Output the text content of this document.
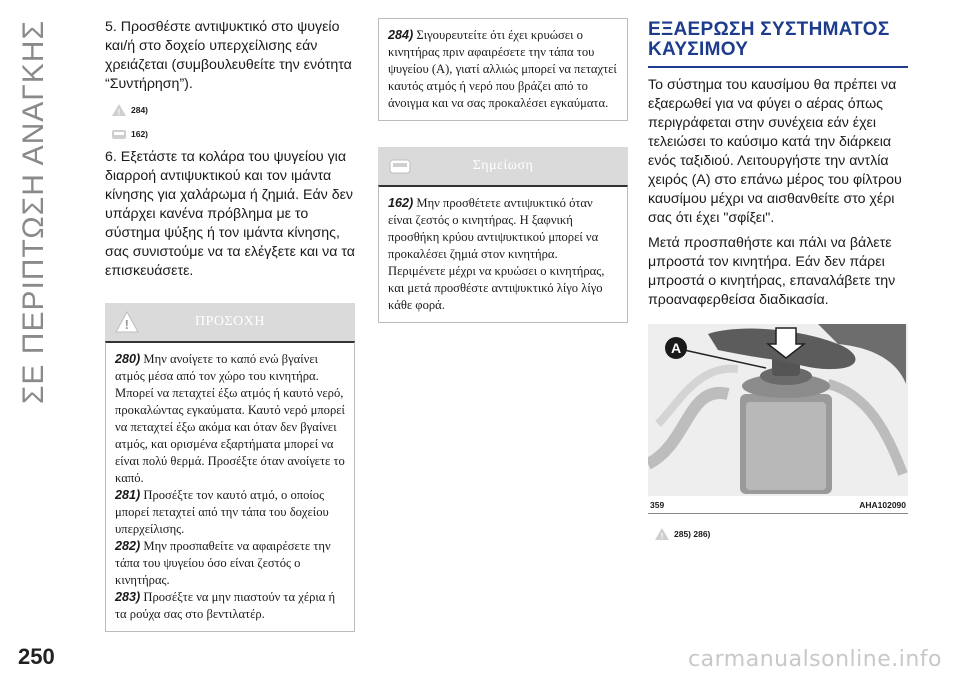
ΣΕ ΠΕΡΙΠΤΩΣΗ ΑΝΑΓΚΗΣ	5. Προσθέστε αντιψυκτικό στο ψυγείο και/ή στο δοχείο υπερχείλισης εάν χρειάζεται (συμβουλευθείτε την ενότητα “Συντήρηση”).

! 284)
162)

6. Εξετάστε τα κολάρα του ψυγείου για διαρροή αντιψυκτικού και τον ιμάντα κίνησης για χαλάρωμα ή ζημιά. Εάν δεν υπάρχει κανένα πρόβλημα με το σύστημα ψύξης ή τον ιμάντα κίνησης, σας συνιστούμε να τα ελέγξετε και να τα επισκευάσετε.

!	ΠΡΟΣΟΧΗ

280) Μην ανοίγετε το καπό ενώ βγαίνει ατμός μέσα από τον χώρο του κινητήρα. Μπορεί να πεταχτεί έξω ατμός ή καυτό νερό, προκαλώντας εγκαύματα. Καυτό νερό μπορεί να πεταχτεί έξω ακόμα και όταν δεν βγαίνει ατμός, και ορισμένα εξαρτήματα μπορεί να είναι πολύ θερμά. Προσέξτε όταν ανοίγετε το καπό.

281) Προσέξτε τον καυτό ατμό, ο οποίος μπορεί πεταχτεί από την τάπα του δοχείου υπερχείλισης.

282) Μην προσπαθείτε να αφαιρέσετε την τάπα του ψυγείου όσο είναι ζεστός ο κινητήρας.

283) Προσέξτε να μην πιαστούν τα χέρια ή τα ρούχα σας στο βεντιλατέρ.

284) Σιγουρευτείτε ότι έχει κρυώσει ο κινητήρας πριν αφαιρέσετε την τάπα του ψυγείου (A), γιατί αλλιώς μπορεί να πεταχτεί καυτός ατμός ή νερό που βράζει από το άνοιγμα και να σας προκαλέσει εγκαύματα.

Σημείωση

162) Μην προσθέτετε αντιψυκτικό όταν είναι ζεστός ο κινητήρας. Η ξαφνική προσθήκη κρύου αντιψυκτικού μπορεί να προκαλέσει ζημιά στον κινητήρα. Περιμένετε μέχρι να κρυώσει ο κινητήρας, και μετά προσθέστε αντιψυκτικό λίγο λίγο κάθε φορά.

ΕΞΑΕΡΩΣΗ ΣΥΣΤΗΜΑΤΟΣ ΚΑΥΣΙΜΟΥ

Το σύστημα του καυσίμου θα πρέπει να εξαερωθεί για να φύγει ο αέρας όπως περιγράφεται στην συνέχεια εάν έχει τελειώσει το καύσιμο κατά την διάρκεια ενός ταξιδιού. Λειτουργήστε την αντλία χειρός (A) στο επάνω μέρος του φίλτρου καυσίμου μέχρι να αισθανθείτε στο χέρι σας ότι έχει "σφίξει".

Μετά προσπαθήστε και πάλι να βάλετε μπροστά τον κινητήρα. Εάν δεν πάρει μπροστά ο κινητήρας, επαναλάβετε την προαναφερθείσα διαδικασία.

A
359	AHA102090
! 285) 286)
250	carmanualsonline.info
